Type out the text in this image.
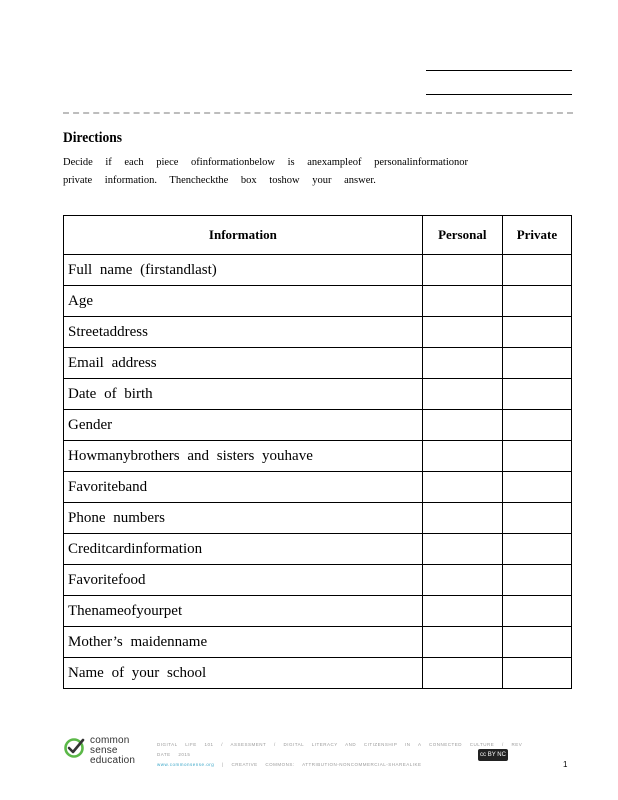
Directions
Decide if each piece ofinformationbelow is anexampleof personalinformationor
private information. Thencheckthe box toshow your answer.
Information	Personal	Private
Full name (firstandlast)		
Age		
Streetaddress		
Email address		
Date of birth		
Gender		
Howmanybrothers and sisters youhave		
Favoriteband		
Phone numbers		
Creditcardinformation		
Favoritefood		
Thenameofyourpet		
Mother’s maidenname		
Name of your school		
common
sense
education
DIGITAL LIFE 101 / ASSESSMENT / DIGITAL LITERACY AND CITIZENSHIP IN A CONNECTED CULTURE / REV DATE 2015
www.commonsense.org | CREATIVE COMMONS: ATTRIBUTION-NONCOMMERCIAL-SHAREALIKE
cc BY NC SA	1
